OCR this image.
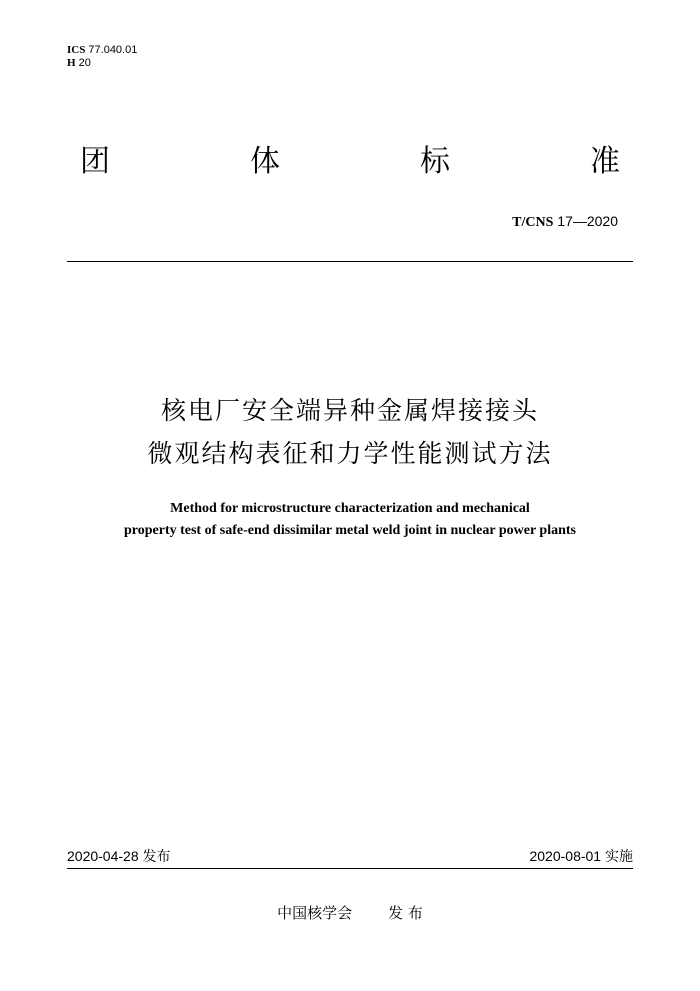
ICS 77.040.01
H 20
团	体	标	准
T/CNS 17—2020
核电厂安全端异种金属焊接接头
微观结构表征和力学性能测试方法
Method for microstructure characterization and mechanical
property test of safe-end dissimilar metal weld joint in nuclear power plants
2020-04-28 发布	2020-08-01 实施
中国核学会 发 布
